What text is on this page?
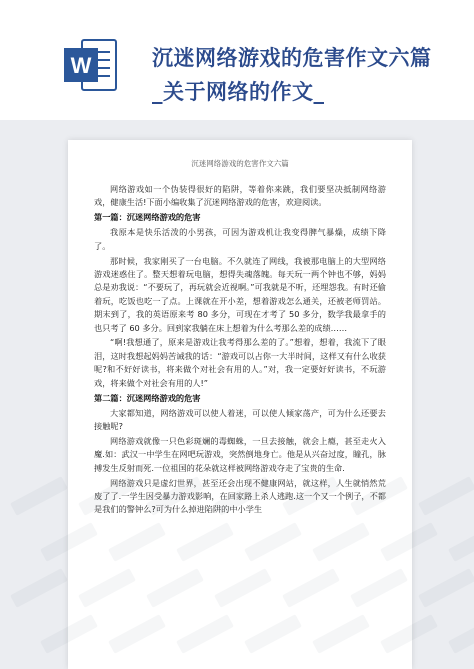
W	沉迷网络游戏的危害作文六篇
_关于网络的作文_
沉迷网络游戏的危害作文六篇
网络游戏如一个伪装得很好的陷阱，等着你来跳，我们要坚决抵制网络游戏，健康生活!下面小编收集了沉迷网络游戏的危害，欢迎阅读。
第一篇：沉迷网络游戏的危害
我原本是快乐活泼的小男孩，可因为游戏机让我变得脾气暴燥，成绩下降了。
那时候，我家刚买了一台电脑。不久就连了网线，我被那电脑上的大型网络游戏迷惑住了。整天想着玩电脑，想得失魂落魄。每天玩一两个钟也不够，妈妈总是劝我说：“不要玩了，再玩就会近视啊。”可我就是不听，还埋怨我。有时还偷着玩，吃饭也吃一了点。上课就在开小差，想着游戏怎么通关，还被老师罚站。期末到了，我的英语原来考 80 多分，可现在才考了 50 多分，数学我最拿手的也只考了 60 多分。回到家我躺在床上想着为什么考那么差的成绩……
“啊!我想通了，原来是游戏让我考得那么差的了。”想着，想着，我流下了眼泪，这时我想起妈妈苦诫我的话：“游戏可以占你一大半时间，这样又有什么收获呢?和不好好读书，将来做个对社会有用的人。”对，我一定要好好读书，不玩游戏，将来做个对社会有用的人!”
第二篇：沉迷网络游戏的危害
大家都知道，网络游戏可以使人着迷，可以使人倾家荡产，可为什么还要去接触呢?
网络游戏就像一只色彩斑斓的毒蜘蛛，一旦去接触，就会上瘾，甚至走火入魔.如：武汉一中学生在网吧玩游戏，突然倒地身亡。他是从兴奋过度，瞳孔，脉搏发生反射而死.一位祖国的花朵就这样被网络游戏夺走了宝贵的生命.
网络游戏只是虚幻世界，甚至还会出现不健康网站，就这样，人生就悄然荒废了了.一学生因受暴力游戏影响，在回家路上杀人逃跑.这一个又一个例子，不都是我们的警钟么?可为什么掉进陷阱的中小学生
